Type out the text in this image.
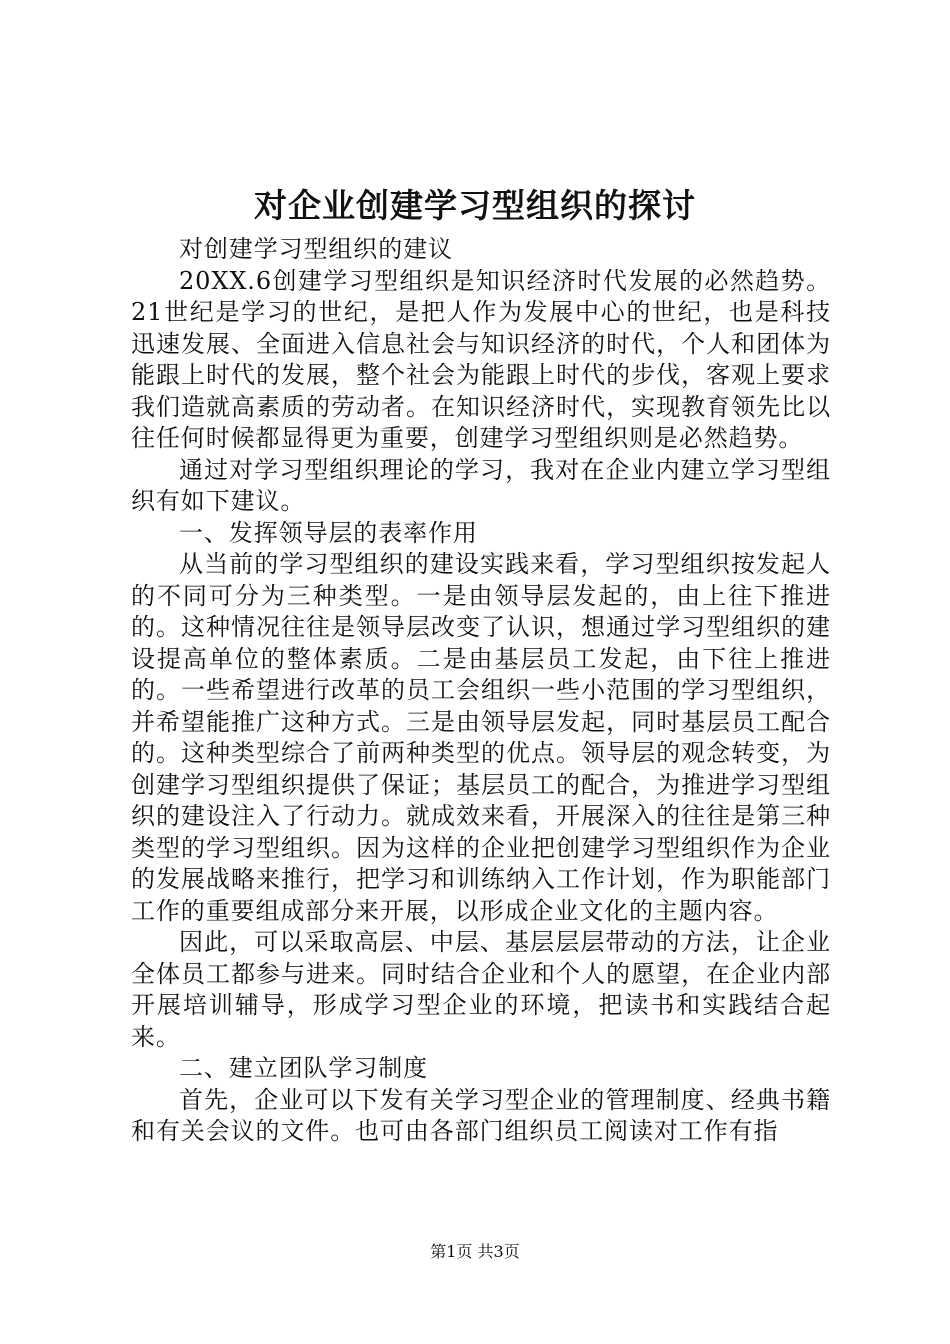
对企业创建学习型组织的探讨

对创建学习型组织的建议

20XX.6创建学习型组织是知识经济时代发展的必然趋势。21世纪是学习的世纪，是把人作为发展中心的世纪，也是科技迅速发展、全面进入信息社会与知识经济的时代，个人和团体为能跟上时代的发展，整个社会为能跟上时代的步伐，客观上要求我们造就高素质的劳动者。在知识经济时代，实现教育领先比以往任何时候都显得更为重要，创建学习型组织则是必然趋势。

通过对学习型组织理论的学习，我对在企业内建立学习型组织有如下建议。

一、发挥领导层的表率作用

从当前的学习型组织的建设实践来看，学习型组织按发起人的不同可分为三种类型。一是由领导层发起的，由上往下推进的。这种情况往往是领导层改变了认识，想通过学习型组织的建设提高单位的整体素质。二是由基层员工发起，由下往上推进的。一些希望进行改革的员工会组织一些小范围的学习型组织，并希望能推广这种方式。三是由领导层发起，同时基层员工配合的。这种类型综合了前两种类型的优点。领导层的观念转变，为创建学习型组织提供了保证；基层员工的配合，为推进学习型组织的建设注入了行动力。就成效来看，开展深入的往往是第三种类型的学习型组织。因为这样的企业把创建学习型组织作为企业的发展战略来推行，把学习和训练纳入工作计划，作为职能部门工作的重要组成部分来开展，以形成企业文化的主题内容。

因此，可以采取高层、中层、基层层层带动的方法，让企业全体员工都参与进来。同时结合企业和个人的愿望，在企业内部开展培训辅导，形成学习型企业的环境，把读书和实践结合起来。

二、建立团队学习制度

首先，企业可以下发有关学习型企业的管理制度、经典书籍和有关会议的文件。也可由各部门组织员工阅读对工作有指

第1页 共3页
